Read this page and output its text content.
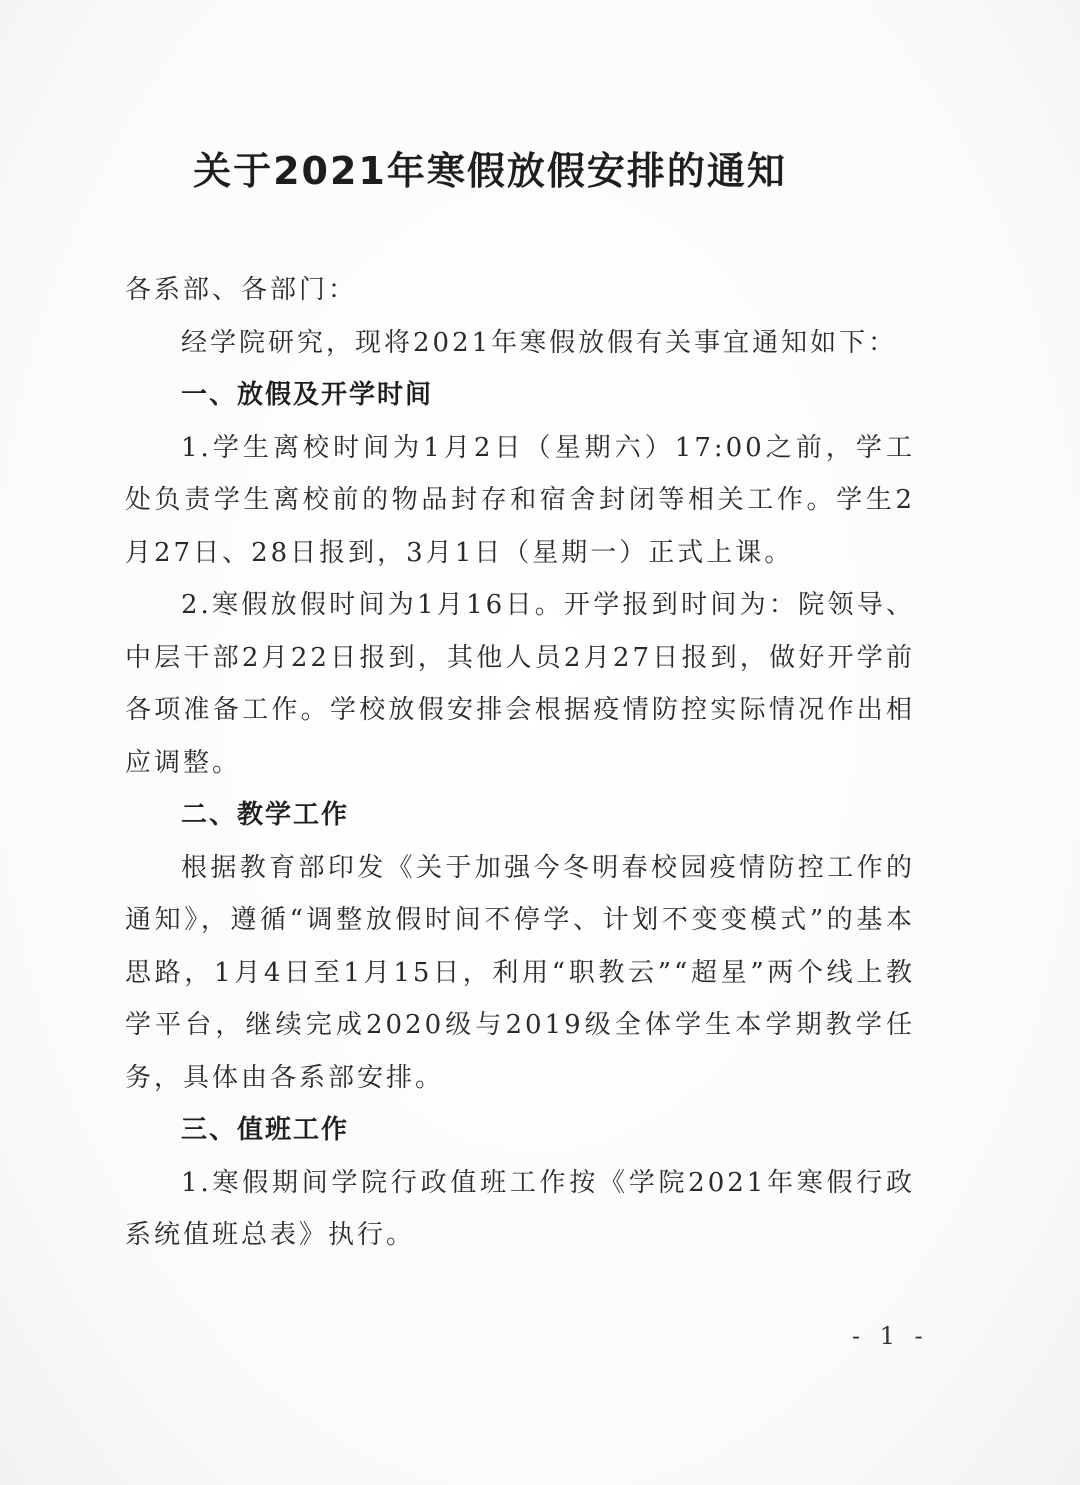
关于2021年寒假放假安排的通知

各系部、各部门：

经学院研究，现将2021年寒假放假有关事宜通知如下：

一、放假及开学时间

1.学生离校时间为1月2日（星期六）17:00之前，学工处负责学生离校前的物品封存和宿舍封闭等相关工作。学生2月27日、28日报到，3月1日（星期一）正式上课。

2.寒假放假时间为1月16日。开学报到时间为：院领导、中层干部2月22日报到，其他人员2月27日报到，做好开学前各项准备工作。学校放假安排会根据疫情防控实际情况作出相应调整。

二、教学工作

根据教育部印发《关于加强今冬明春校园疫情防控工作的通知》，遵循“调整放假时间不停学、计划不变变模式”的基本思路，1月4日至1月15日，利用“职教云”“超星”两个线上教学平台，继续完成2020级与2019级全体学生本学期教学任务，具体由各系部安排。

三、值班工作

1.寒假期间学院行政值班工作按《学院2021年寒假行政系统值班总表》执行。

- 1 -
